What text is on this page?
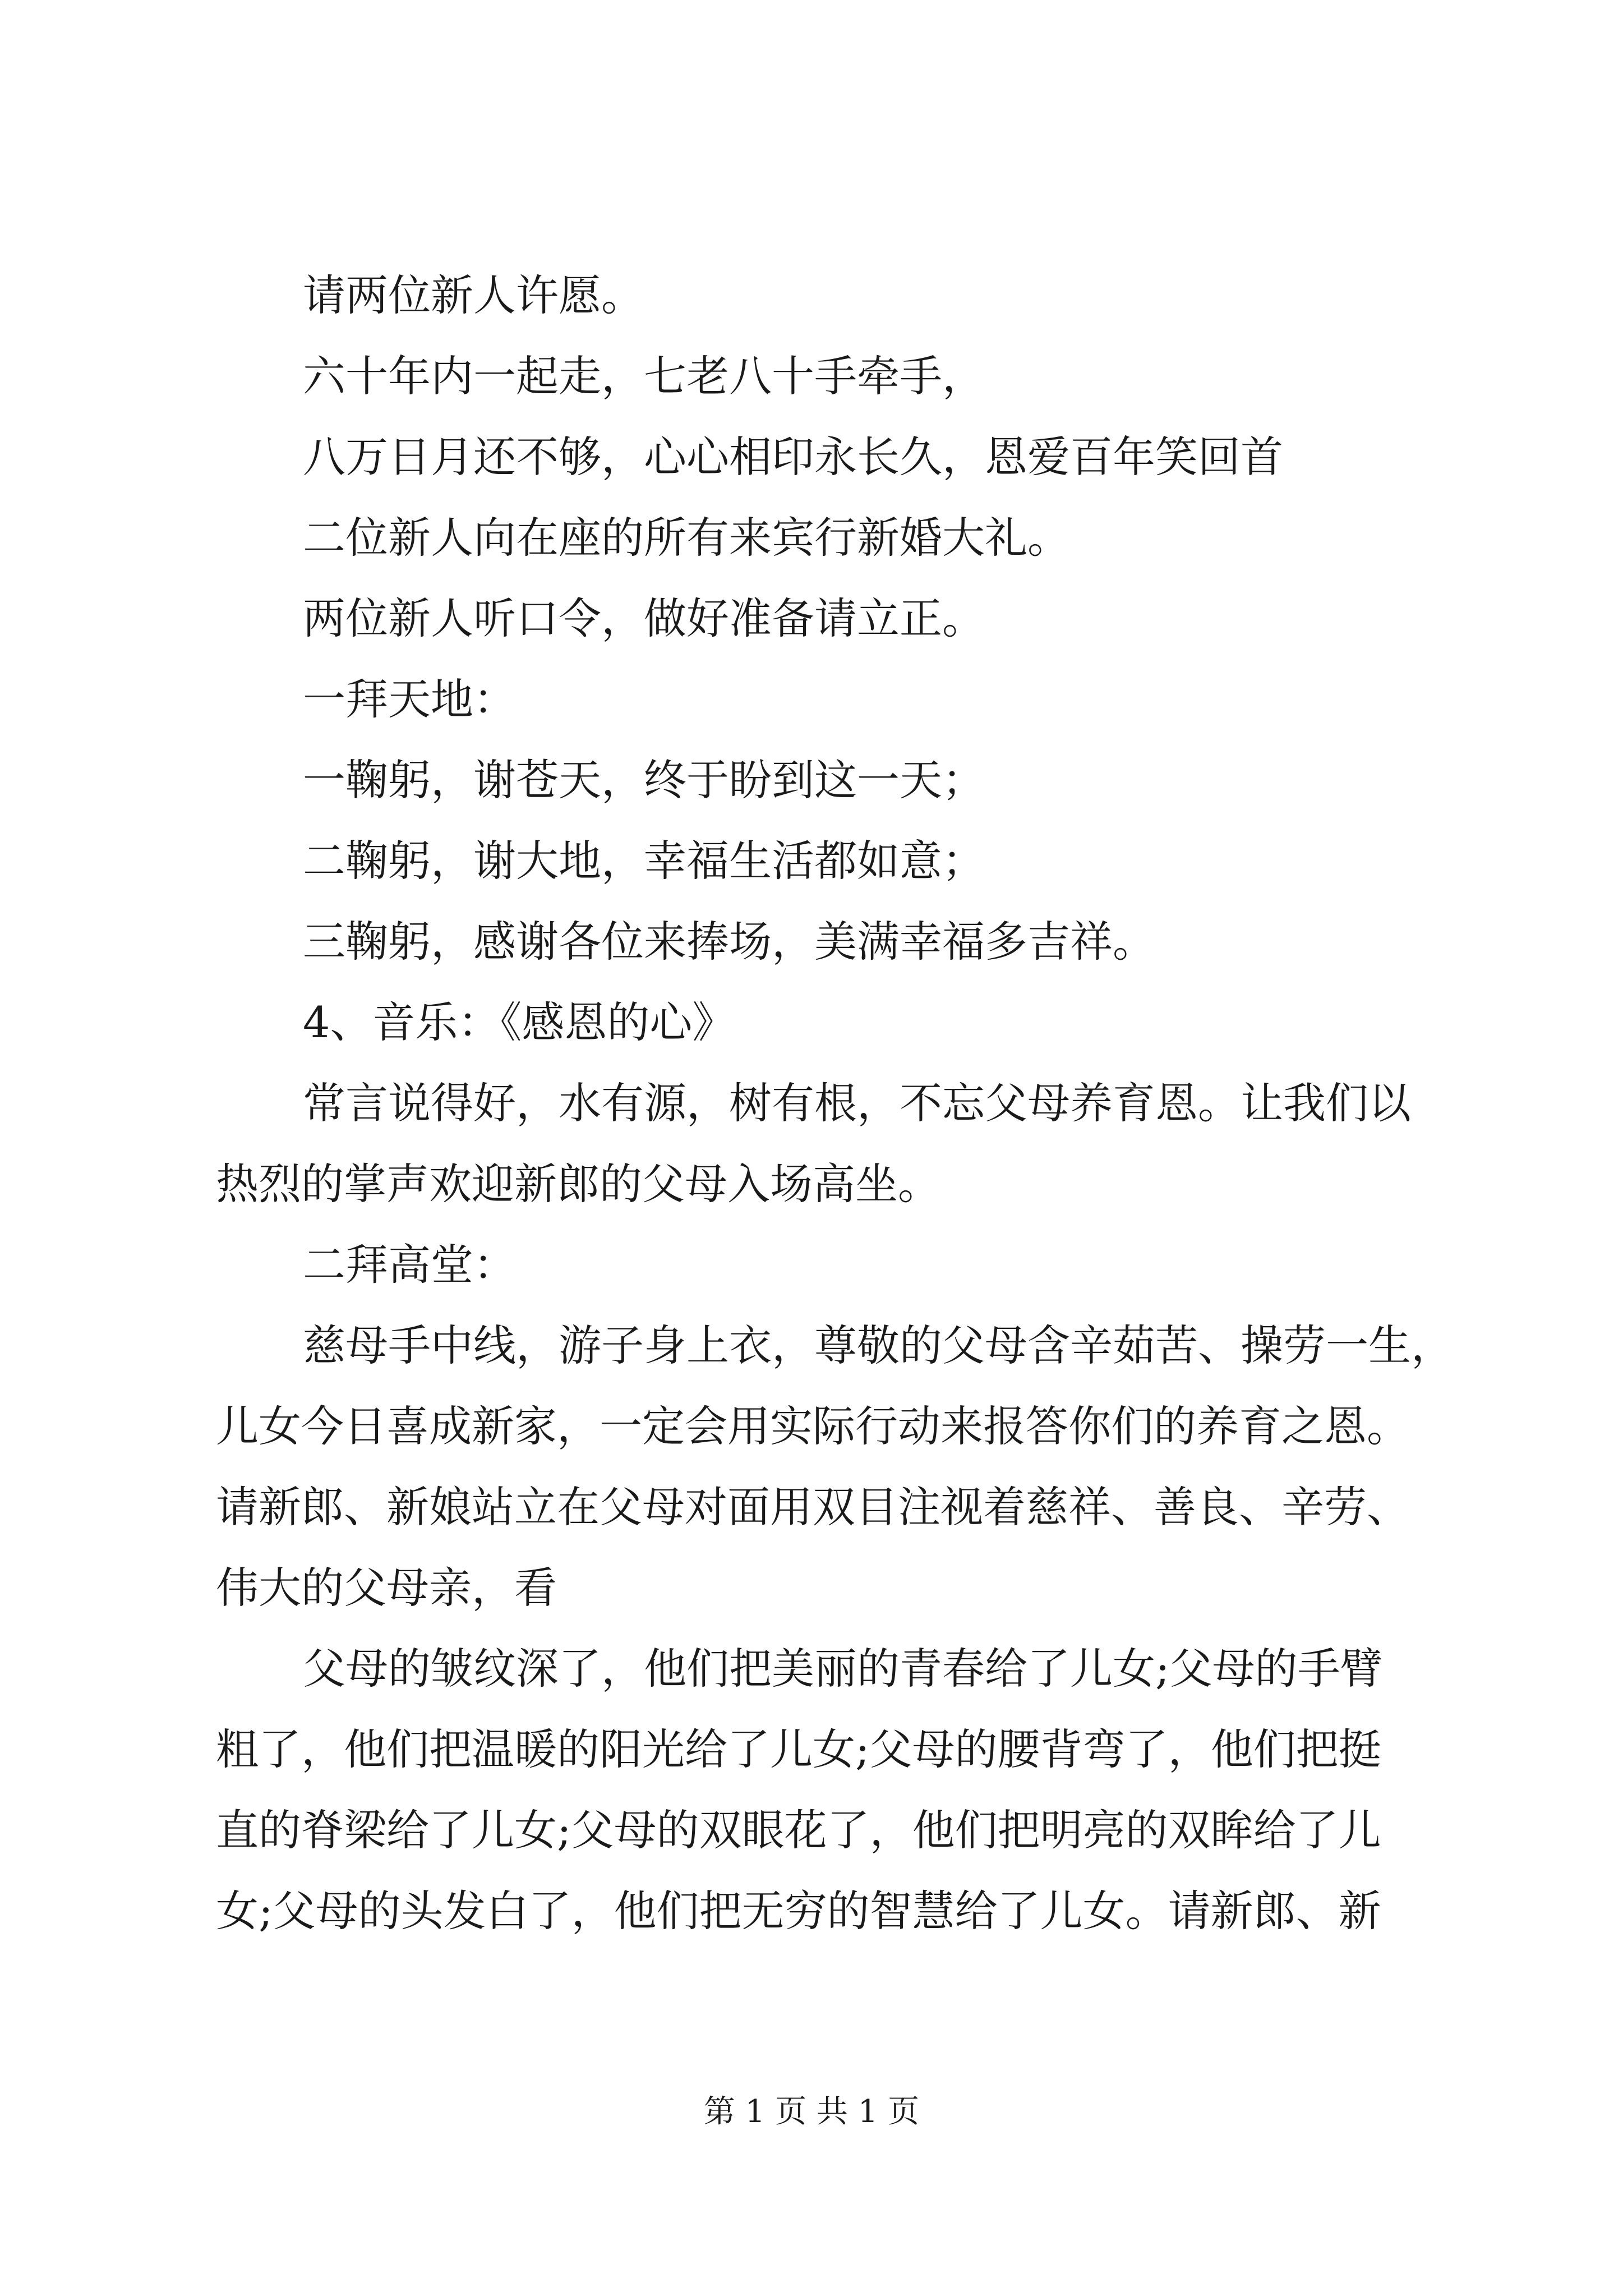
请两位新人许愿。

六十年内一起走，七老八十手牵手，

八万日月还不够，心心相印永长久，恩爱百年笑回首

二位新人向在座的所有来宾行新婚大礼。

两位新人听口令，做好准备请立正。

一拜天地：

一鞠躬，谢苍天，终于盼到这一天；

二鞠躬，谢大地，幸福生活都如意；

三鞠躬，感谢各位来捧场，美满幸福多吉祥。

4、音乐：《感恩的心》

常言说得好，水有源，树有根，不忘父母养育恩。让我们以
热烈的掌声欢迎新郎的父母入场高坐。

二拜高堂：

慈母手中线，游子身上衣，尊敬的父母含辛茹苦、操劳一生，
儿女今日喜成新家，一定会用实际行动来报答你们的养育之恩。
请新郎、新娘站立在父母对面用双目注视着慈祥、善良、辛劳、
伟大的父母亲，看

父母的皱纹深了，他们把美丽的青春给了儿女;父母的手臂
粗了，他们把温暖的阳光给了儿女;父母的腰背弯了，他们把挺
直的脊梁给了儿女;父母的双眼花了，他们把明亮的双眸给了儿
女;父母的头发白了，他们把无穷的智慧给了儿女。请新郎、新

第 1 页 共 1 页
